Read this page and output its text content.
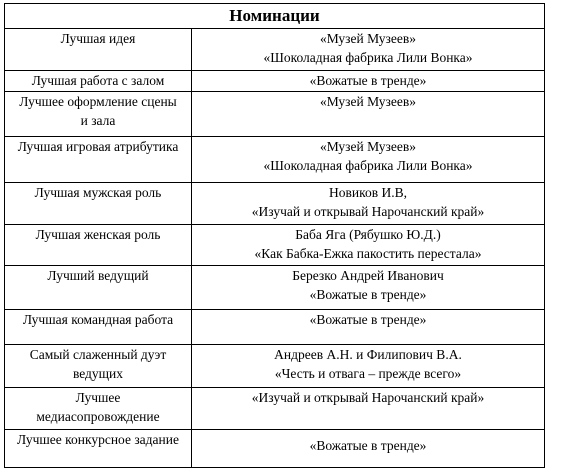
Номинации	

Лучшая идея	«Музей Музеев»
«Шоколадная фабрика Лили Вонка»

Лучшая работа с залом	«Вожатые в тренде»

Лучшее оформление сцены
и зала	«Музей Музеев»

Лучшая игровая атрибутика	«Музей Музеев»
«Шоколадная фабрика Лили Вонка»

Лучшая мужская роль	Новиков И.В,
«Изучай и открывай Нарочанский край»

Лучшая женская роль	Баба Яга (Рябушко Ю.Д.)
«Как Бабка-Ежка пакостить перестала»

Лучший ведущий	Березко Андрей Иванович
«Вожатые в тренде»

Лучшая командная работа	«Вожатые в тренде»

Самый слаженный дуэт
ведущих	Андреев А.Н. и Филипович В.А.
«Честь и отвага – прежде всего»

Лучшее
медиасопровождение	«Изучай и открывай Нарочанский край»

Лучшее конкурсное задание	«Вожатые в тренде»
